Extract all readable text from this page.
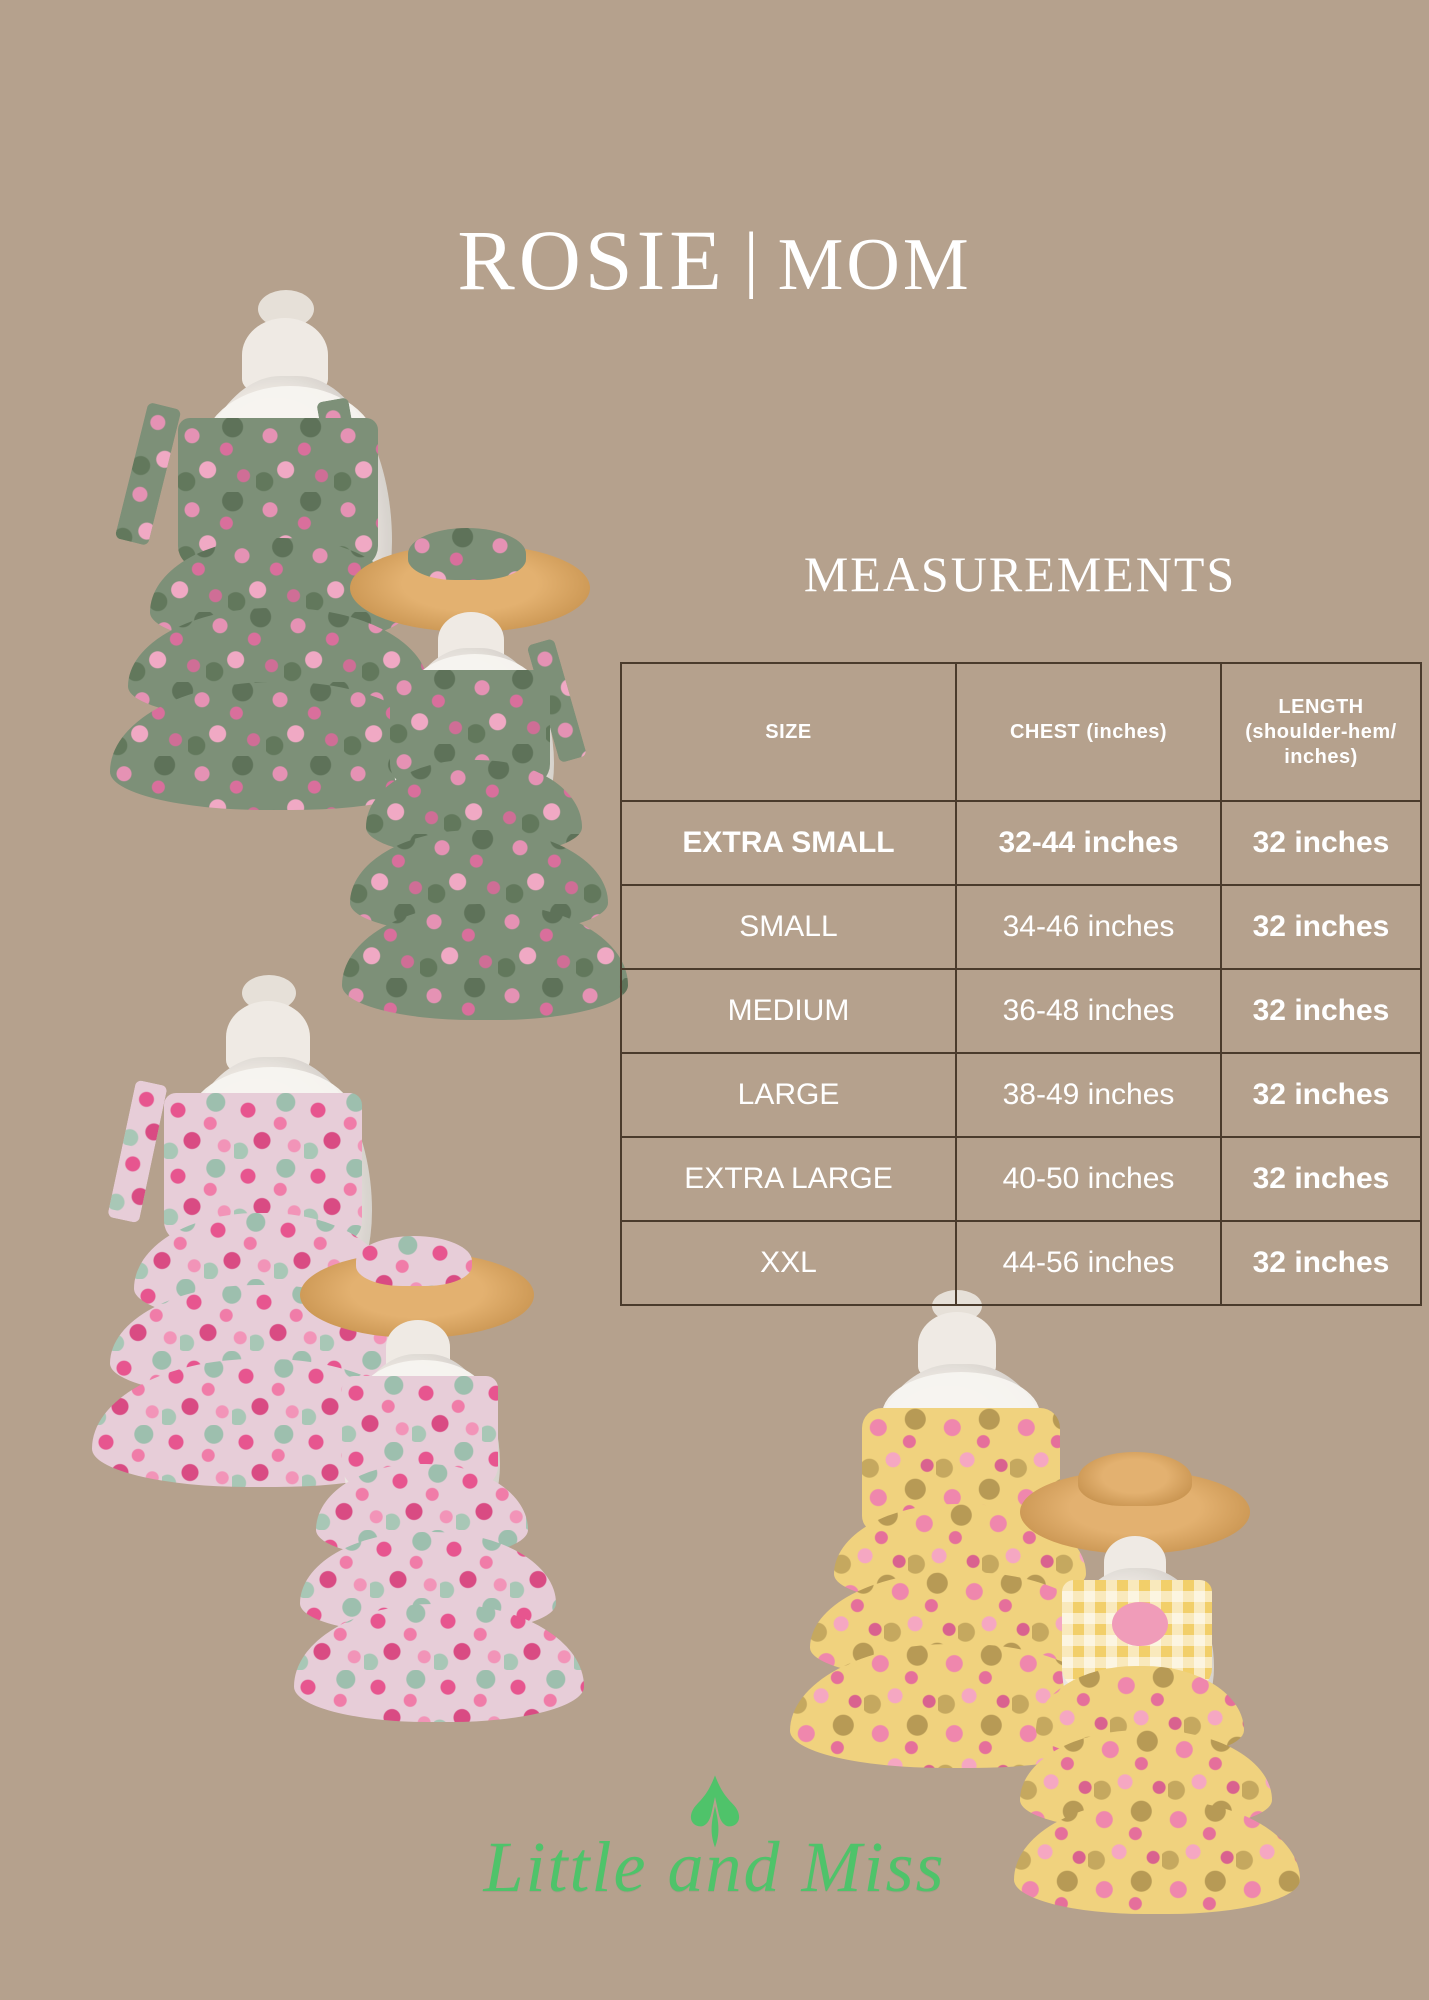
ROSIE | MOM
MEASUREMENTS
SIZE	CHEST (inches)	LENGTH (shoulder-hem/ inches)
EXTRA SMALL	32-44 inches	32 inches
SMALL	34-46 inches	32 inches
MEDIUM	36-48 inches	32 inches
LARGE	38-49 inches	32 inches
EXTRA LARGE	40-50 inches	32 inches
XXL	44-56 inches	32 inches
Little and Miss
